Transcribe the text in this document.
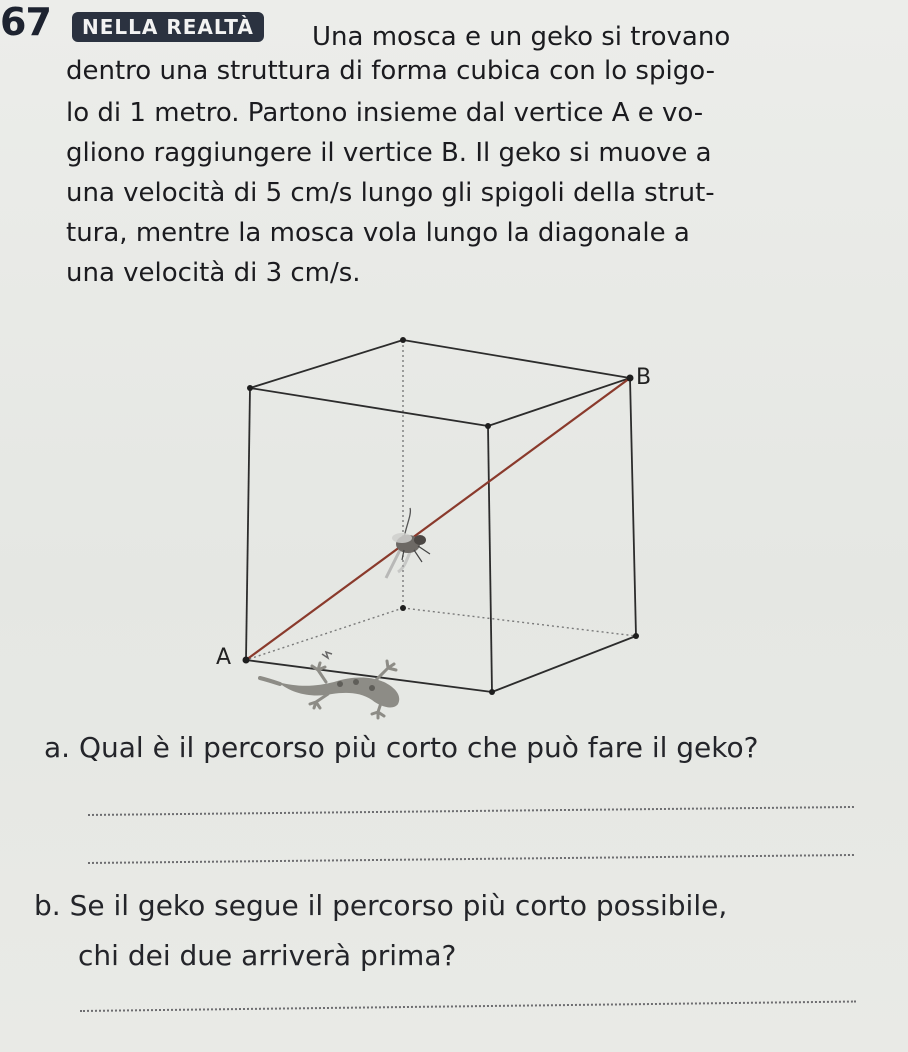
67	NELLA REALTÀ	Una mosca e un geko si trovano
dentro una struttura di forma cubica con lo spigo-
lo di 1 metro. Partono insieme dal vertice A e vo-
gliono raggiungere il vertice B. Il geko si muove a
una velocità di 5 cm/s lungo gli spigoli della strut-
tura, mentre la mosca vola lungo la diagonale a
una velocità di 3 cm/s.
B
A
a. Qual è il percorso più corto che può fare il geko?
b. Se il geko segue il percorso più corto possibile,
chi dei due arriverà prima?
